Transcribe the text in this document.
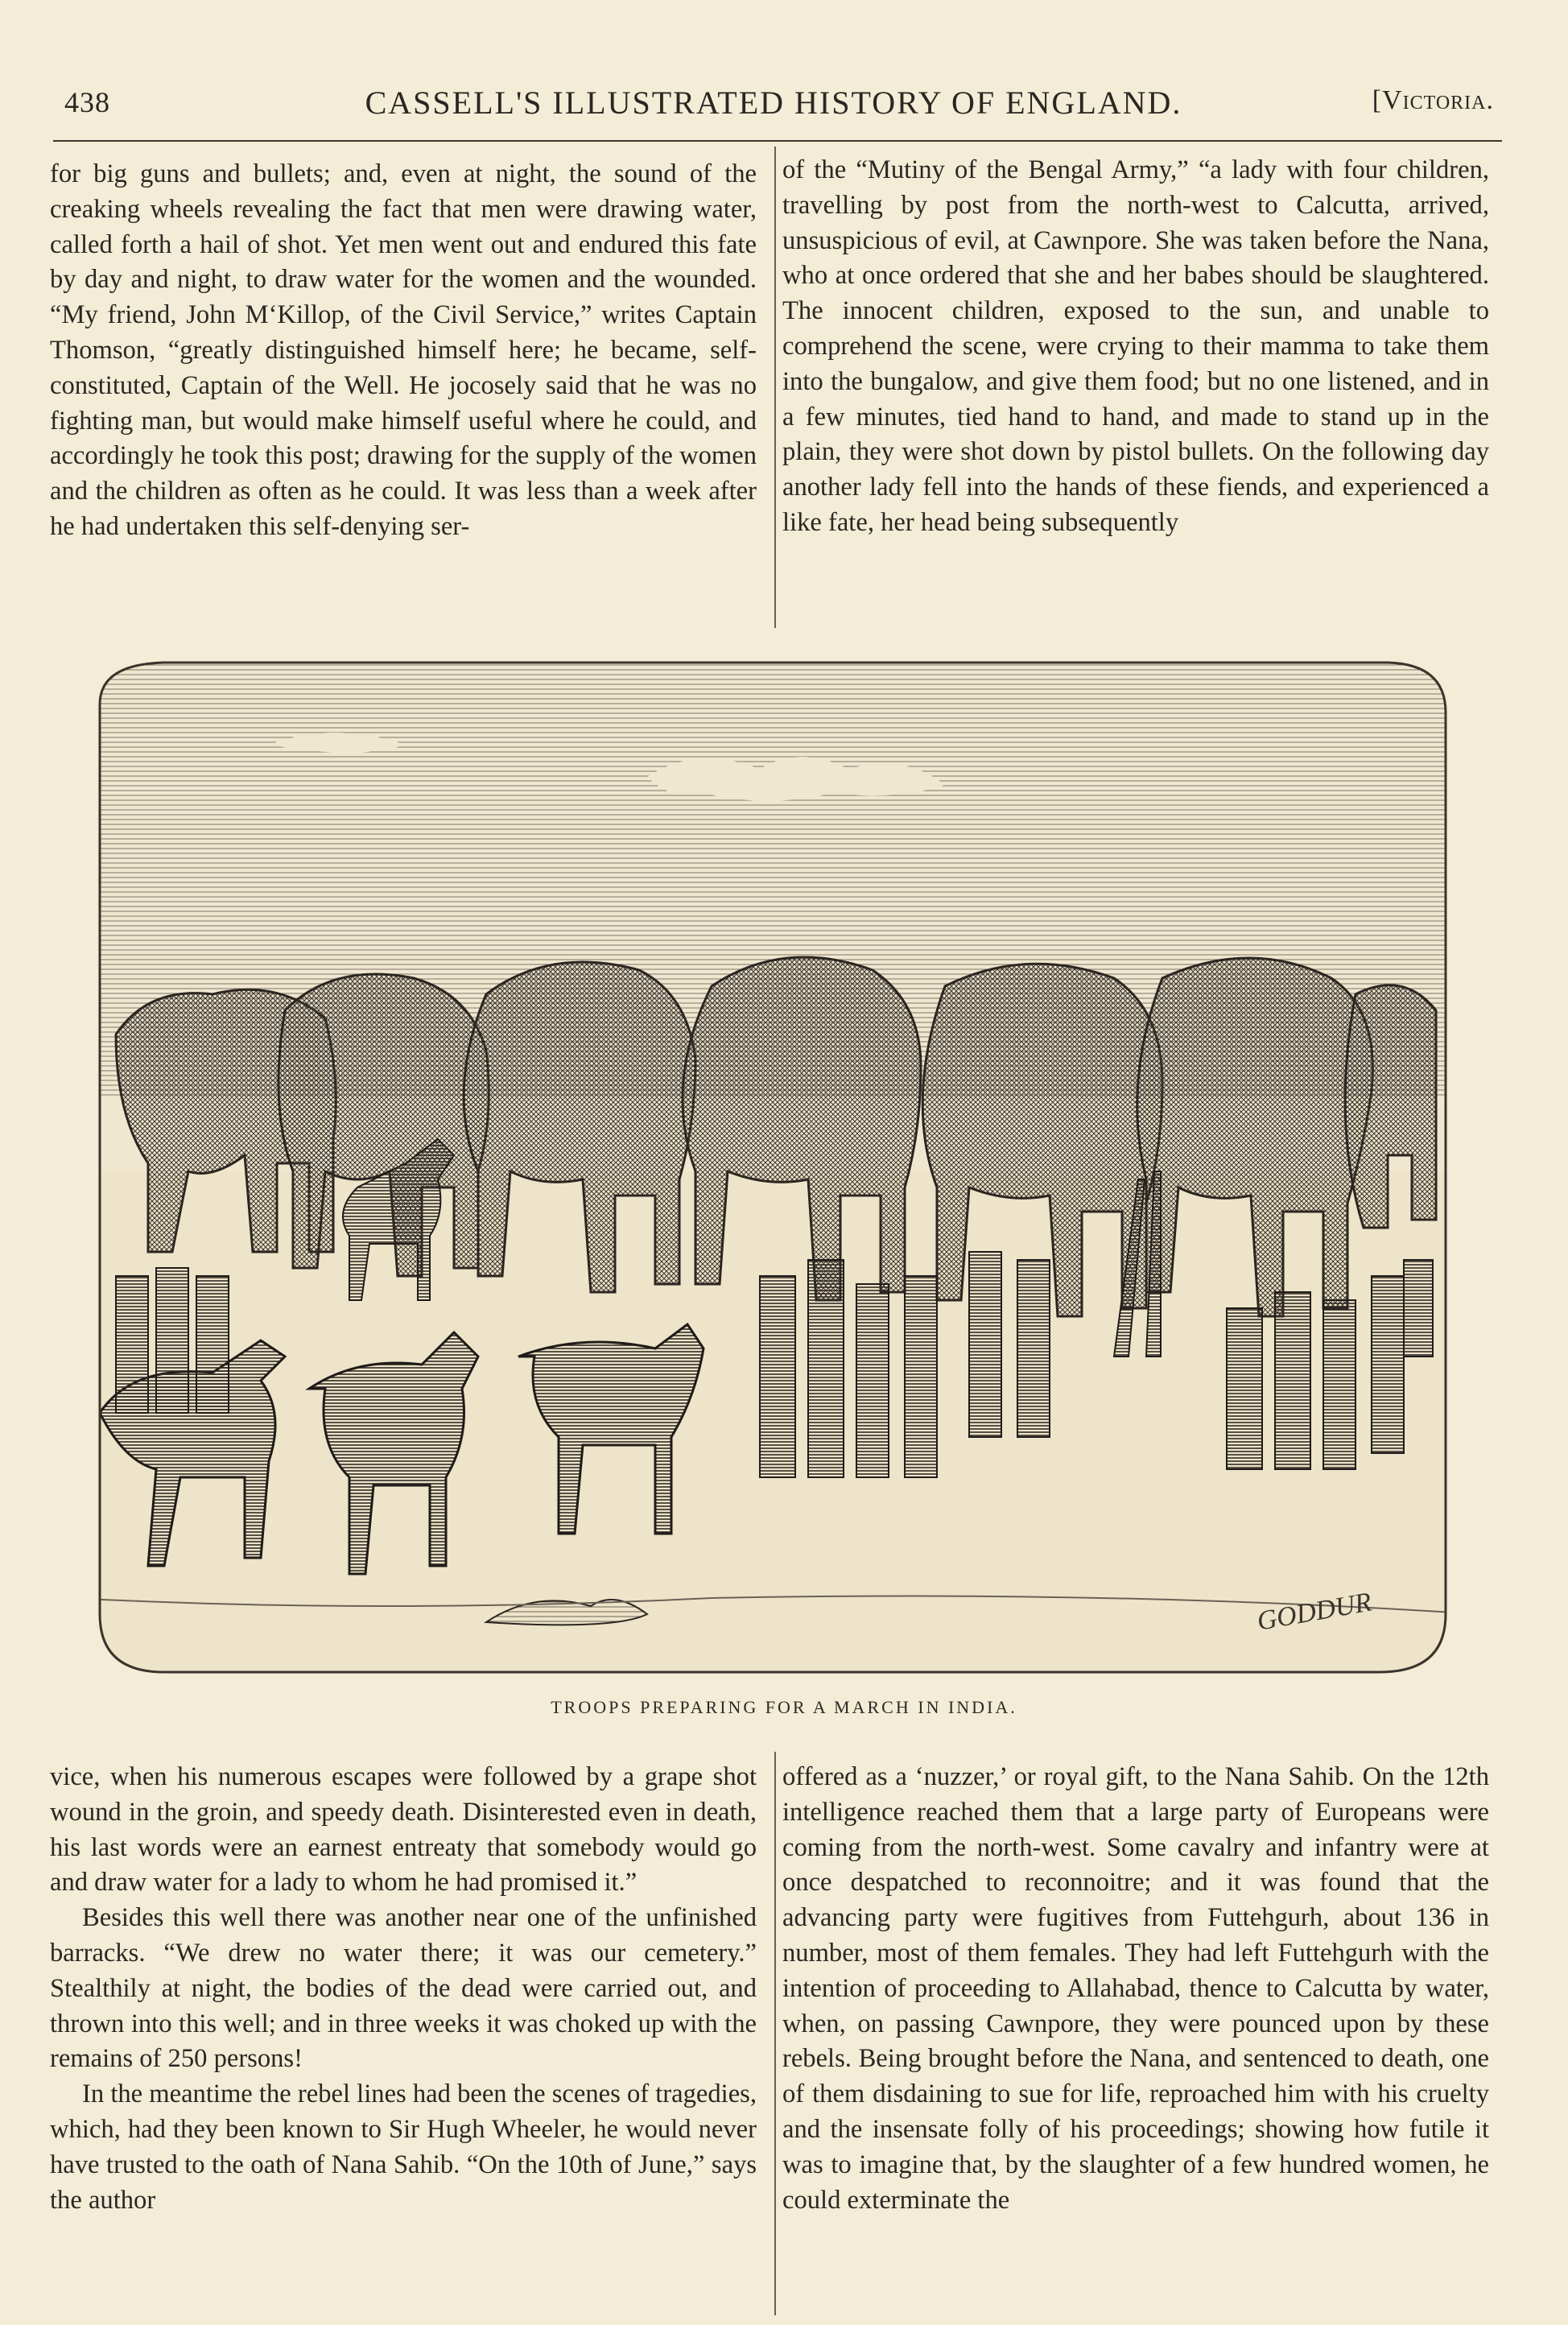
438	CASSELL'S ILLUSTRATED HISTORY OF ENGLAND.	[Victoria.

for big guns and bullets; and, even at night, the sound of the creaking wheels revealing the fact that men were drawing water, called forth a hail of shot. Yet men went out and endured this fate by day and night, to draw water for the women and the wounded. “My friend, John M‘Killop, of the Civil Service,” writes Captain Thomson, “greatly distinguished himself here; he became, self-constituted, Captain of the Well. He jocosely said that he was no fighting man, but would make himself useful where he could, and accordingly he took this post; drawing for the supply of the women and the children as often as he could. It was less than a week after he had undertaken this self-denying ser-

of the “Mutiny of the Bengal Army,” “a lady with four children, travelling by post from the north-west to Calcutta, arrived, unsuspicious of evil, at Cawnpore. She was taken before the Nana, who at once ordered that she and her babes should be slaughtered. The innocent children, exposed to the sun, and unable to comprehend the scene, were crying to their mamma to take them into the bungalow, and give them food; but no one listened, and in a few minutes, tied hand to hand, and made to stand up in the plain, they were shot down by pistol bullets. On the following day another lady fell into the hands of these fiends, and experienced a like fate, her head being subsequently

GODDUR
TROOPS PREPARING FOR A MARCH IN INDIA.

vice, when his numerous escapes were followed by a grape shot wound in the groin, and speedy death. Disinterested even in death, his last words were an earnest entreaty that somebody would go and draw water for a lady to whom he had promised it.”

Besides this well there was another near one of the unfinished barracks. “We drew no water there; it was our cemetery.” Stealthily at night, the bodies of the dead were carried out, and thrown into this well; and in three weeks it was choked up with the remains of 250 persons!

In the meantime the rebel lines had been the scenes of tragedies, which, had they been known to Sir Hugh Wheeler, he would never have trusted to the oath of Nana Sahib. “On the 10th of June,” says the author

offered as a ‘nuzzer,’ or royal gift, to the Nana Sahib. On the 12th intelligence reached them that a large party of Europeans were coming from the north-west. Some cavalry and infantry were at once despatched to reconnoitre; and it was found that the advancing party were fugitives from Futtehgurh, about 136 in number, most of them females. They had left Futtehgurh with the intention of proceeding to Allahabad, thence to Calcutta by water, when, on passing Cawnpore, they were pounced upon by these rebels. Being brought before the Nana, and sentenced to death, one of them disdaining to sue for life, reproached him with his cruelty and the insensate folly of his proceedings; showing how futile it was to imagine that, by the slaughter of a few hundred women, he could exterminate the
